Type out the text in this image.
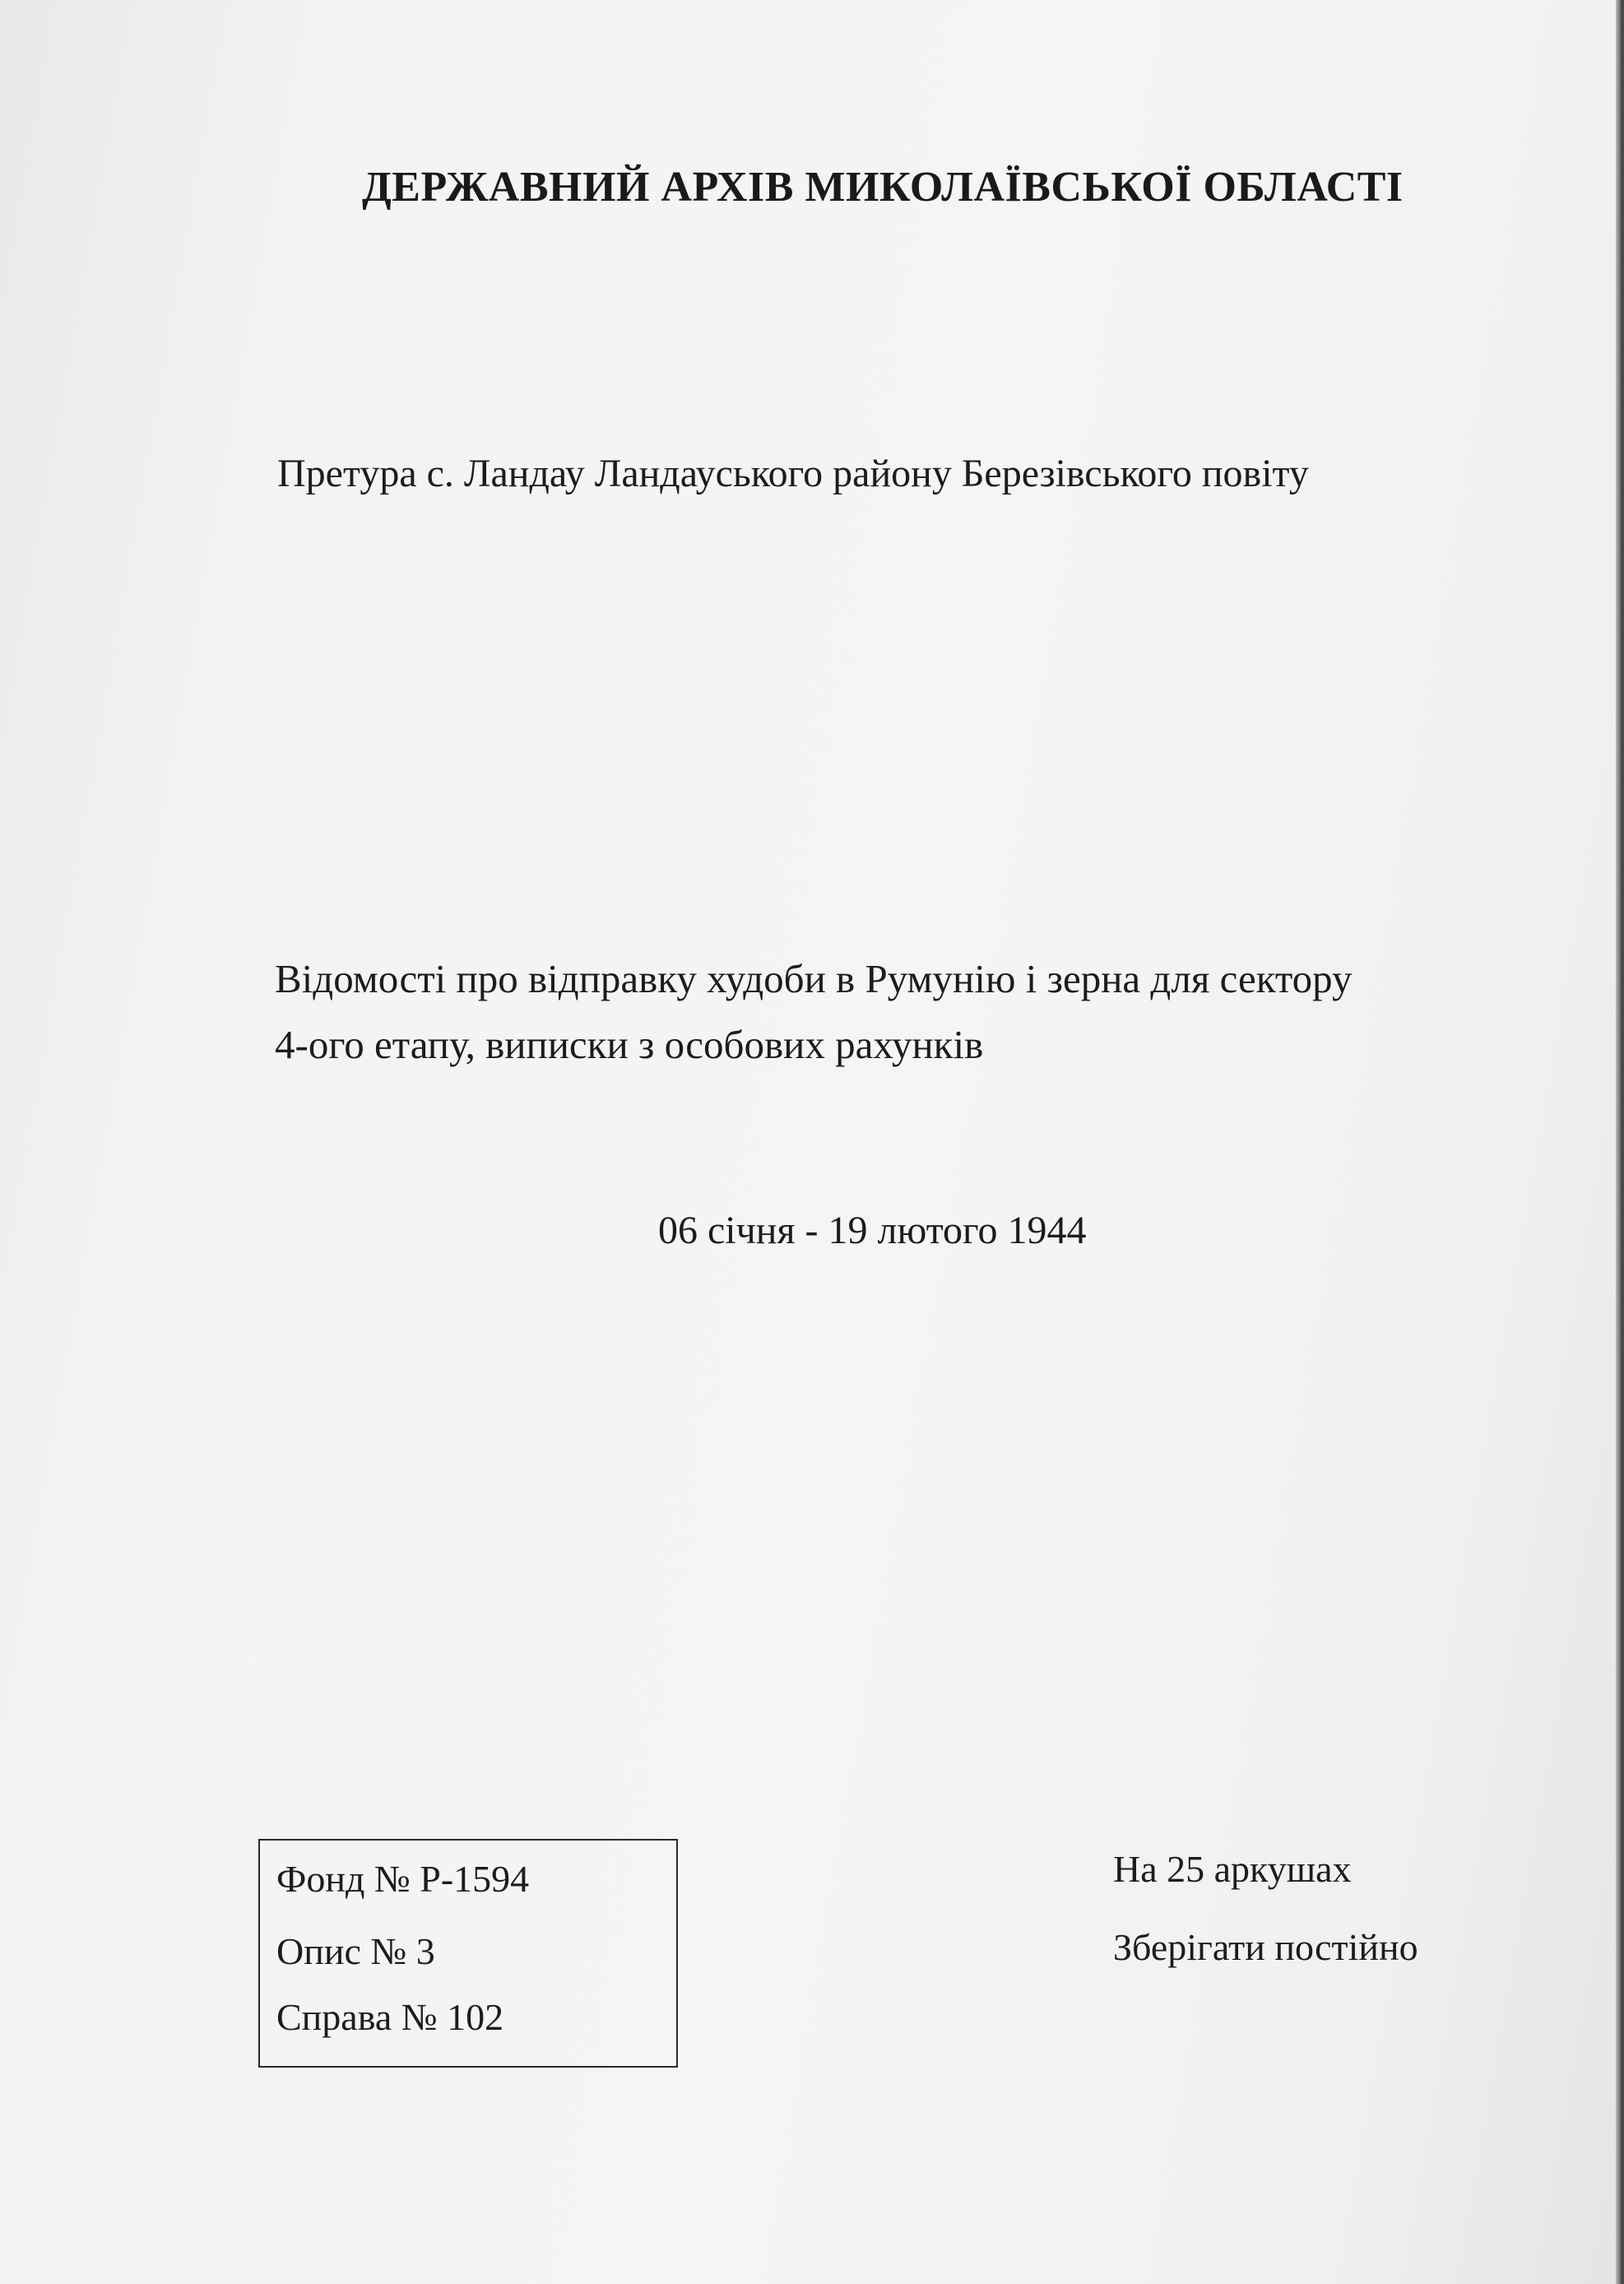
ДЕРЖАВНИЙ АРХІВ МИКОЛАЇВСЬКОЇ ОБЛАСТІ
Претура с. Ландау Ландауського району Березівського повіту
Відомості про відправку худоби в Румунію і зерна для сектору
4-ого етапу, виписки з особових рахунків
06 січня - 19 лютого 1944
Фонд № Р-1594
Опис № 3
Справа № 102
На 25 аркушах
Зберігати постійно
